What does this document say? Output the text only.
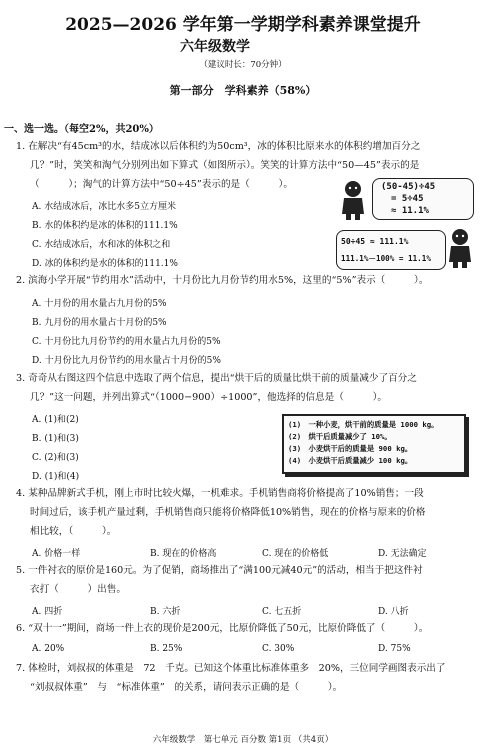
2025—2026 学年第一学期学科素养课堂提升
六年级数学
（建议时长：70分钟）
第一部分　学科素养（58%）
一、选一选。（每空2%，共20%）
1. 在解决“有45cm³的水，结成冰以后体积约为50cm³，冰的体积比原来水的体积约增加百分之
几？”时，笑笑和淘气分别列出如下算式（如图所示）。笑笑的计算方法中“50—45”表示的是
（　　　）；淘气的计算方法中“50÷45”表示的是（　　　）。
A. 水结成冰后，冰比水多5立方厘米
B. 水的体积约是冰的体积的111.1%
C. 水结成冰后，水和冰的体积之和
D. 冰的体积约是水的体积的111.1%
(50-45)÷45
= 5÷45
≈ 11.1%
50÷45 ≈ 111.1%
111.1%－100% = 11.1%
2. 滨海小学开展“节约用水”活动中，十月份比九月份节约用水5%，这里的“5%”表示（　　　）。
A. 十月份的用水量占九月份的5%
B. 九月份的用水量占十月份的5%
C. 十月份比九月份节约的用水量占九月份的5%
D. 十月份比九月份节约的用水量占十月份的5%
3. 奇奇从右图这四个信息中选取了两个信息，提出“烘干后的质量比烘干前的质量减少了百分之
几？”这一问题，并列出算式“（1000−900）÷1000”，他选择的信息是（　　　）。
A. (1)和(2)
B. (1)和(3)
C. (2)和(3)
D. (1)和(4)
(1)　一种小麦，烘干前的质量是 1000 kg。
(2)　烘干后质量减少了 10%。
(3)　小麦烘干后的质量是 900 kg。
(4)　小麦烘干后质量减少 100 kg。
4. 某种品牌新式手机，刚上市时比较火爆，一机难求。手机销售商将价格提高了10%销售；一段
时间过后，该手机产量过剩，手机销售商只能将价格降低10%销售，现在的价格与原来的价格
相比较，（　　　）。
A. 价格一样	B. 现在的价格高	C. 现在的价格低	D. 无法确定
5. 一件衬衣的原价是160元。为了促销，商场推出了“满100元减40元”的活动，相当于把这件衬
衣打（　　　）出售。
A. 四折	B. 六折	C. 七五折	D. 八折
6. “双十一”期间，商场一件上衣的现价是200元，比原价降低了50元，比原价降低了（　　　）。
A. 20%	B. 25%	C. 30%	D. 75%
7. 体检时，刘叔叔的体重是　72　千克。已知这个体重比标准体重多　20%，三位同学画图表示出了
“刘叔叔体重”　与　“标准体重”　的关系，请问表示正确的是（　　　）。
六年级数学　第七单元 百分数 第1页 （共4页）
